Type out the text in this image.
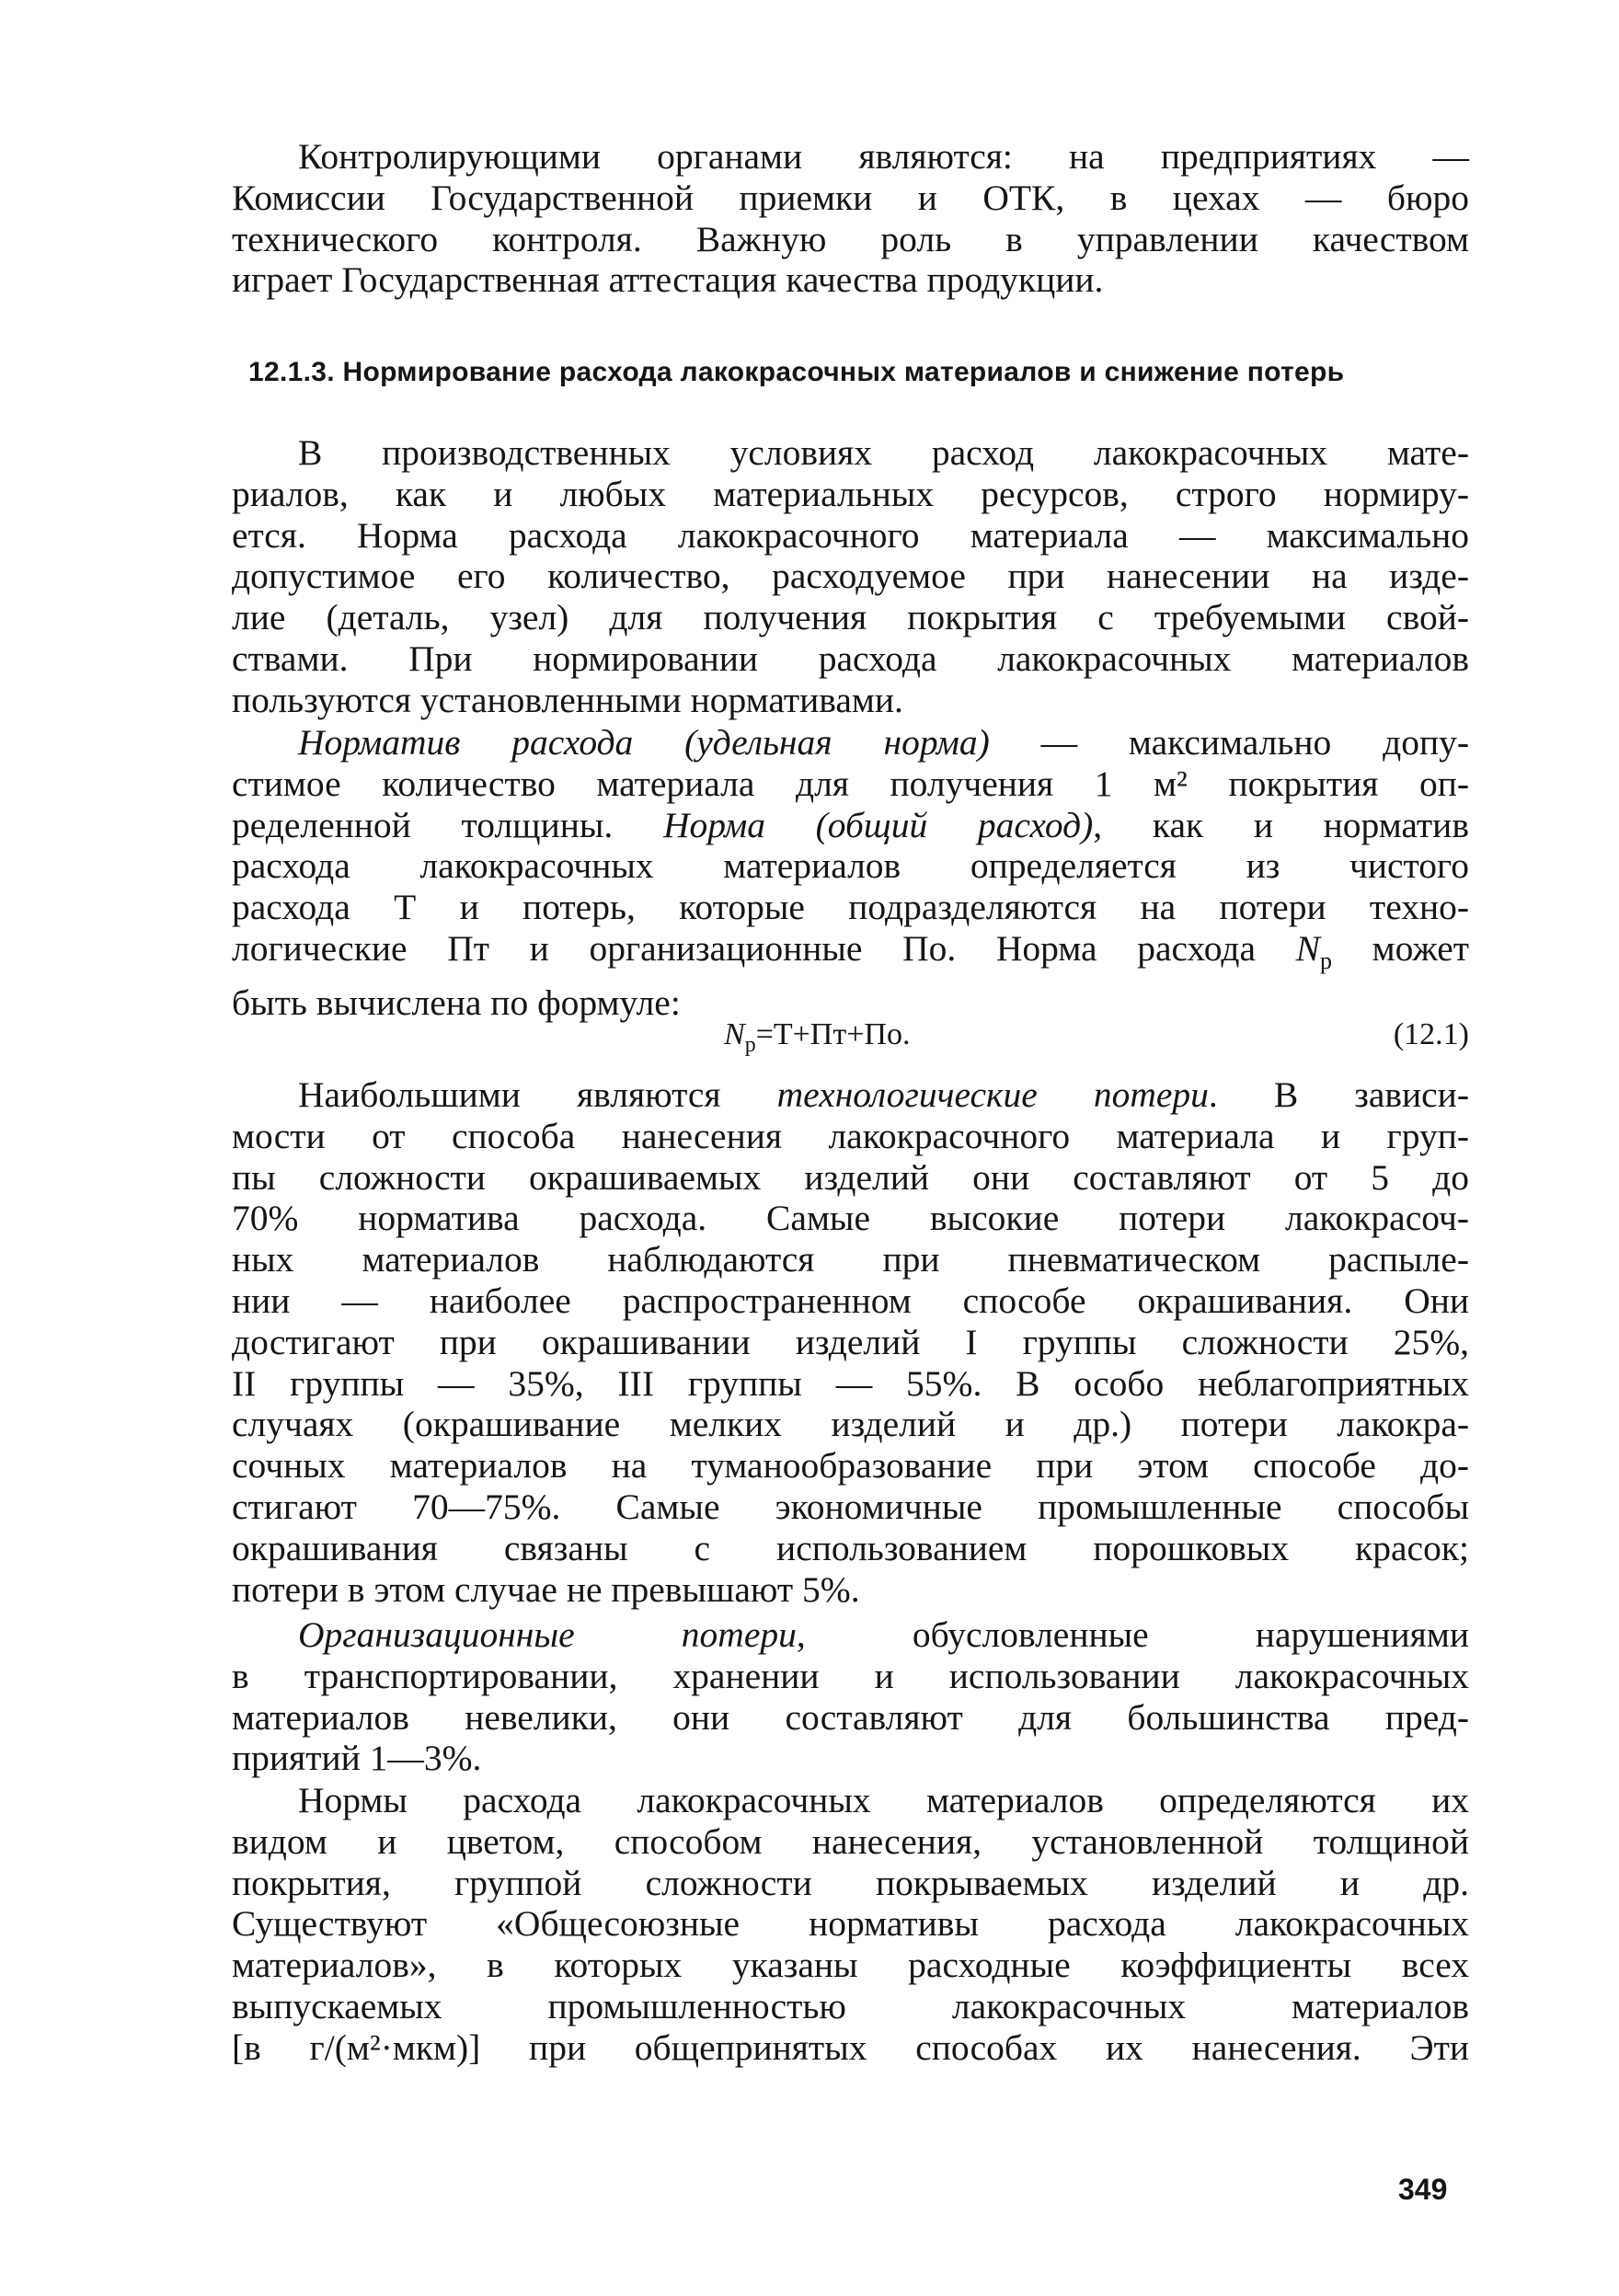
Контролирующими органами являются: на предприятиях —
Комиссии Государственной приемки и ОТК, в цехах — бюро
технического контроля. Важную роль в управлении качеством
играет Государственная аттестация качества продукции.
12.1.3. Нормирование расхода лакокрасочных материалов и снижение потерь
В производственных условиях расход лакокрасочных мате-
риалов, как и любых материальных ресурсов, строго нормиру-
ется. Норма расхода лакокрасочного материала — максимально
допустимое его количество, расходуемое при нанесении на изде-
лие (деталь, узел) для получения покрытия с требуемыми свой-
ствами. При нормировании расхода лакокрасочных материалов
пользуются установленными нормативами.
Норматив расхода (удельная норма) — максимально допу-
стимое количество материала для получения 1 м² покрытия оп-
ределенной толщины. Норма (общий расход), как и норматив
расхода лакокрасочных материалов определяется из чистого
расхода Т и потерь, которые подразделяются на потери техно-
логические Пт и организационные По. Норма расхода $N_р$ может
быть вычислена по формуле:
$N_р=Т+Пт+По$.	(12.1)
Наибольшими являются технологические потери. В зависи-
мости от способа нанесения лакокрасочного материала и груп-
пы сложности окрашиваемых изделий они составляют от 5 до
70% норматива расхода. Самые высокие потери лакокрасоч-
ных материалов наблюдаются при пневматическом распыле-
нии — наиболее распространенном способе окрашивания. Они
достигают при окрашивании изделий I группы сложности 25%,
II группы — 35%, III группы — 55%. В особо неблагоприятных
случаях (окрашивание мелких изделий и др.) потери лакокра-
сочных материалов на туманообразование при этом способе до-
стигают 70—75%. Самые экономичные промышленные способы
окрашивания связаны с использованием порошковых красок;
потери в этом случае не превышают 5%.
Организационные потери, обусловленные нарушениями
в транспортировании, хранении и использовании лакокрасочных
материалов невелики, они составляют для большинства пред-
приятий 1—3%.
Нормы расхода лакокрасочных материалов определяются их
видом и цветом, способом нанесения, установленной толщиной
покрытия, группой сложности покрываемых изделий и др.
Существуют «Общесоюзные нормативы расхода лакокрасочных
материалов», в которых указаны расходные коэффициенты всех
выпускаемых промышленностью лакокрасочных материалов
[в г/(м²·мкм)] при общепринятых способах их нанесения. Эти
349
